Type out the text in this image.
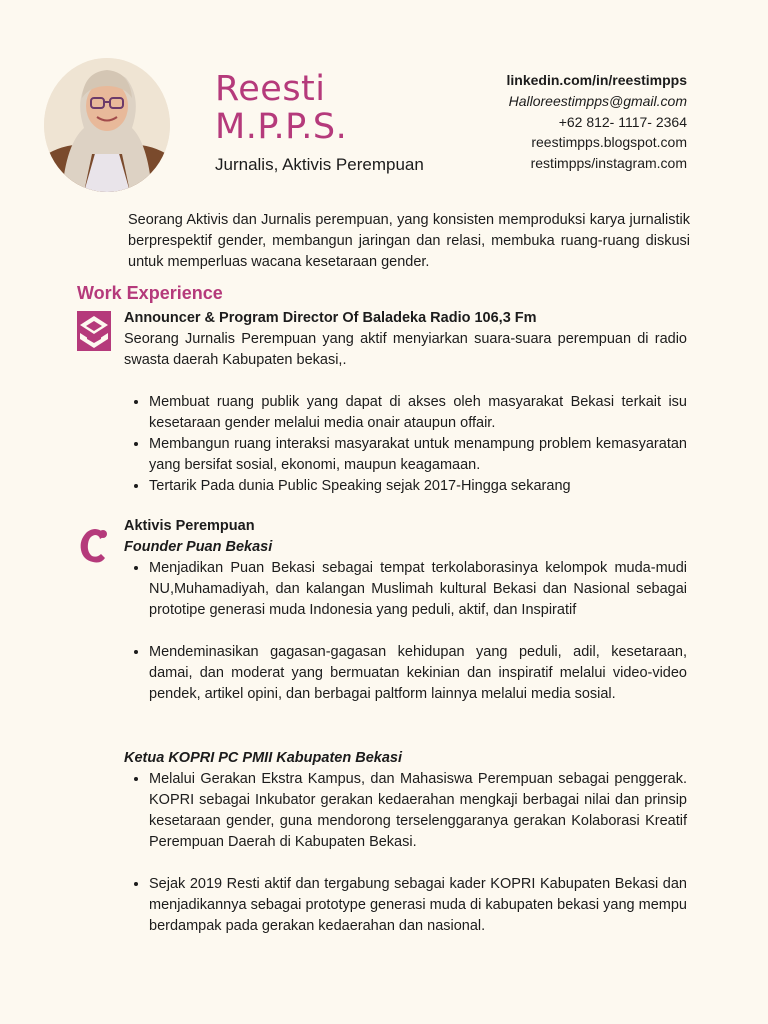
Reesti
M.P.P.S.
Jurnalis, Aktivis Perempuan
linkedin.com/in/reestimpps
Halloreestimpps@gmail.com
+62 812- 1117- 2364
reestimpps.blogspot.com
restimpps/instagram.com
Seorang Aktivis dan Jurnalis perempuan, yang konsisten memproduksi karya jurnalistik berprespektif gender, membangun jaringan dan relasi, membuka ruang-ruang diskusi untuk memperluas wacana kesetaraan gender.
Work Experience
Announcer & Program Director Of Baladeka Radio 106,3 Fm
Seorang Jurnalis Perempuan yang aktif menyiarkan suara-suara perempuan di radio swasta daerah Kabupaten bekasi,.
• Membuat ruang publik yang dapat di akses oleh masyarakat Bekasi terkait isu kesetaraan gender melalui media onair ataupun offair.
• Membangun ruang interaksi masyarakat untuk menampung problem kemasyaratan yang bersifat sosial, ekonomi, maupun keagamaan.
• Tertarik Pada dunia Public Speaking sejak 2017-Hingga sekarang
Aktivis Perempuan
Founder Puan Bekasi
• Menjadikan Puan Bekasi sebagai tempat terkolaborasinya kelompok muda-mudi NU,Muhamadiyah, dan kalangan Muslimah kultural Bekasi dan Nasional sebagai prototipe generasi muda Indonesia yang peduli, aktif, dan Inspiratif
• Mendeminasikan gagasan-gagasan kehidupan yang peduli, adil, kesetaraan, damai, dan moderat yang bermuatan kekinian dan inspiratif melalui video-video pendek, artikel opini, dan berbagai paltform lainnya melalui media sosial.
Ketua KOPRI PC PMII Kabupaten Bekasi
• Melalui Gerakan Ekstra Kampus, dan Mahasiswa Perempuan sebagai penggerak. KOPRI sebagai Inkubator gerakan kedaerahan mengkaji berbagai nilai dan prinsip kesetaraan gender, guna mendorong terselenggaranya gerakan Kolaborasi Kreatif Perempuan Daerah di Kabupaten Bekasi.
• Sejak 2019 Resti aktif dan tergabung sebagai kader KOPRI Kabupaten Bekasi dan menjadikannya sebagai prototype generasi muda di kabupaten bekasi yang mempu berdampak pada gerakan kedaerahan dan nasional.
